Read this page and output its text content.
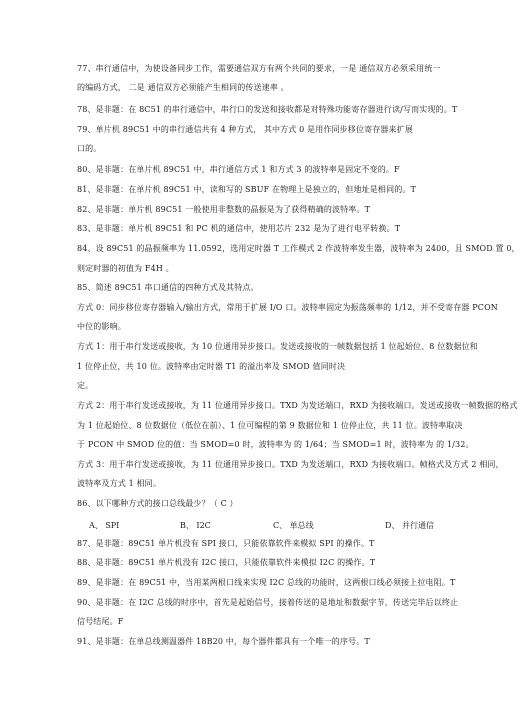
77、串行通信中，为使设备同步工作，需要通信双方有两个共同的要求，一是 通信双方必须采用统一
的编码方式， 二是 通信双方必须能产生相同的传送速率 。
78、是非题：在 8C51 的串行通信中，串行口的发送和接收都是对特殊功能寄存器进行读/写而实现的。T
79、单片机 89C51 中的串行通信共有 4 种方式， 其中方式 0 是用作同步移位寄存器来扩展
口的。
80、是非题：在单片机 89C51 中，串行通信方式 1 和方式 3 的波特率是固定不变的。F
81、是非题：在单片机 89C51 中，读和写的 SBUF 在物理上是独立的，但地址是相同的。T
82、是非题：单片机 89C51 一般使用非整数的晶振是为了获得精确的波特率。T
83、是非题：单片机 89C51 和 PC 机的通信中，使用芯片 232 是为了进行电平转换。T
84、设 89C51 的晶振频率为 11.0592，选用定时器 T 工作模式 2 作波特率发生器，波特率为 2400，且 SMOD 置 0，
则定时器的初值为 F4H 。
85、简述 89C51 串口通信的四种方式及其特点。
方式 0：同步移位寄存器输入/输出方式，常用于扩展 I/O 口。波特率固定为振荡频率的 1/12，并不受寄存器 PCON
中位的影响。
方式 1：用于串行发送或接收，为 10 位通用异步接口。发送或接收的一帧数据包括 1 位起始位、8 位数据位和
1 位停止位，共 10 位。波特率由定时器 T1 的溢出率及 SMOD 值同时决
定。
方式 2：用于串行发送或接收，为 11 位通用异步接口。TXD 为发送端口，RXD 为接收端口。发送或接收一帧数据的格式
为 1 位起始位、8 位数据位（低位在前）、1 位可编程的第 9 数据位和 1 位停止位，共 11 位。波特率取决
于 PCON 中 SMOD 位的值：当 SMOD=0 时，波特率为 的 1/64；当 SMOD=1 时，波特率为 的 1/32。
方式 3：用于串行发送或接收，为 11 位通用异步接口。TXD 为发送端口，RXD 为接收端口。帧格式及方式 2 相同，
波特率及方式 1 相同。
86、以下哪种方式的接口总线最少？（ C ）
A、 SPI	B、 I2C	C、 单总线	D、 并行通信
87、是非题：89C51 单片机没有 SPI 接口，只能依靠软件来模拟 SPI 的操作。T
88、是非题：89C51 单片机没有 I2C 接口，只能依靠软件来模拟 I2C 的操作。T
89、是非题：在 89C51 中，当用某两根口线来实现 I2C 总线的功能时，这两根口线必须接上拉电阻。T
90、是非题：在 I2C 总线的时序中，首先是起始信号，接着传送的是地址和数据字节，传送完毕后以终止
信号结尾。F
91、是非题：在单总线测温器件 18B20 中，每个器件都具有一个唯一的序号。T
